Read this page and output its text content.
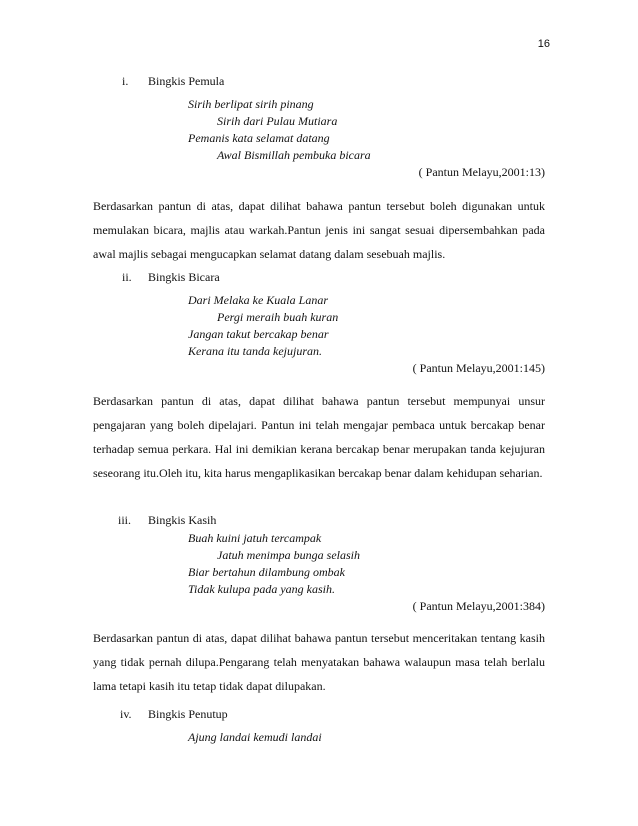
16
i. Bingkis Pemula
Sirih berlipat sirih pinang
Sirih dari Pulau Mutiara
Pemanis kata selamat datang
Awal Bismillah pembuka bicara
( Pantun Melayu,2001:13)

Berdasarkan pantun di atas, dapat dilihat bahawa pantun tersebut boleh digunakan untuk memulakan bicara, majlis atau warkah.Pantun jenis ini sangat sesuai dipersembahkan pada awal majlis sebagai mengucapkan selamat datang dalam sesebuah majlis.

ii. Bingkis Bicara
Dari Melaka ke Kuala Lanar
Pergi meraih buah kuran
Jangan takut bercakap benar
Kerana itu tanda kejujuran.
( Pantun Melayu,2001:145)

Berdasarkan pantun di atas, dapat dilihat bahawa pantun tersebut mempunyai unsur pengajaran yang boleh dipelajari. Pantun ini telah mengajar pembaca untuk bercakap benar terhadap semua perkara. Hal ini demikian kerana bercakap benar merupakan tanda kejujuran seseorang itu.Oleh itu, kita harus mengaplikasikan bercakap benar dalam kehidupan seharian.

iii. Bingkis Kasih
Buah kuini jatuh tercampak
Jatuh menimpa bunga selasih
Biar bertahun dilambung ombak
Tidak kulupa pada yang kasih.
( Pantun Melayu,2001:384)

Berdasarkan pantun di atas, dapat dilihat bahawa pantun tersebut menceritakan tentang kasih yang tidak pernah dilupa.Pengarang telah menyatakan bahawa walaupun masa telah berlalu lama tetapi kasih itu tetap tidak dapat dilupakan.

iv. Bingkis Penutup
Ajung landai kemudi landai
